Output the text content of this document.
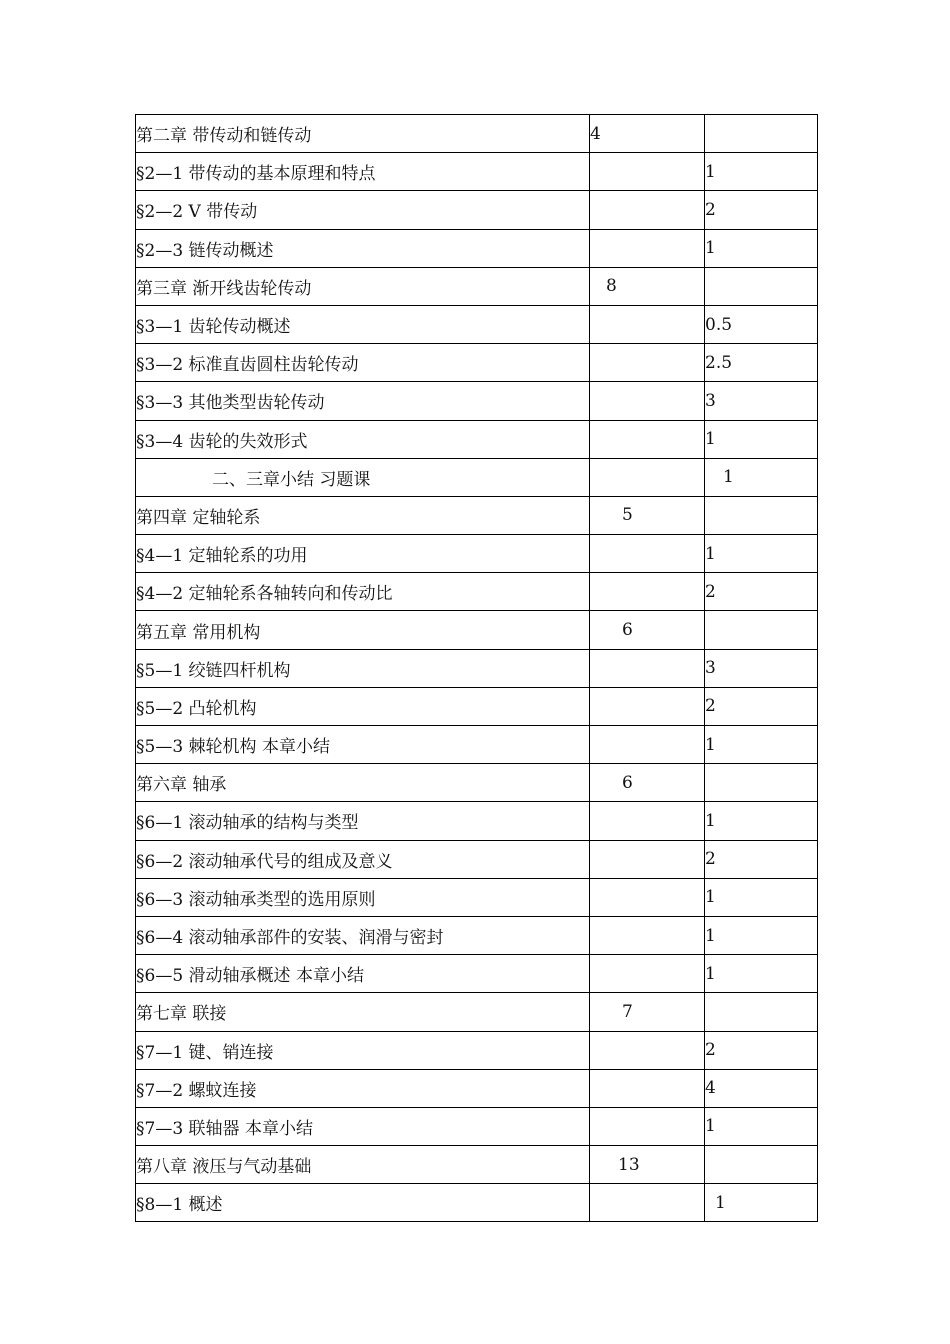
第二章 带传动和链传动	4	
§2—1 带传动的基本原理和特点		1
§2—2 V 带传动		2
§2—3 链传动概述		1
第三章 渐开线齿轮传动	8	
§3—1 齿轮传动概述		0.5
§3—2 标准直齿圆柱齿轮传动		2.5
§3—3 其他类型齿轮传动		3
§3—4 齿轮的失效形式		1
二、三章小结 习题课		1
第四章 定轴轮系	5	
§4—1 定轴轮系的功用		1
§4—2 定轴轮系各轴转向和传动比		2
第五章 常用机构	6	
§5—1 绞链四杆机构		3
§5—2 凸轮机构		2
§5—3 棘轮机构 本章小结		1
第六章 轴承	6	
§6—1 滚动轴承的结构与类型		1
§6—2 滚动轴承代号的组成及意义		2
§6—3 滚动轴承类型的选用原则		1
§6—4 滚动轴承部件的安装、润滑与密封		1
§6—5 滑动轴承概述 本章小结		1
第七章 联接	7	
§7—1 键、销连接		2
§7—2 螺蚊连接		4
§7—3 联轴器 本章小结		1
第八章 液压与气动基础	13	
§8—1 概述		1
